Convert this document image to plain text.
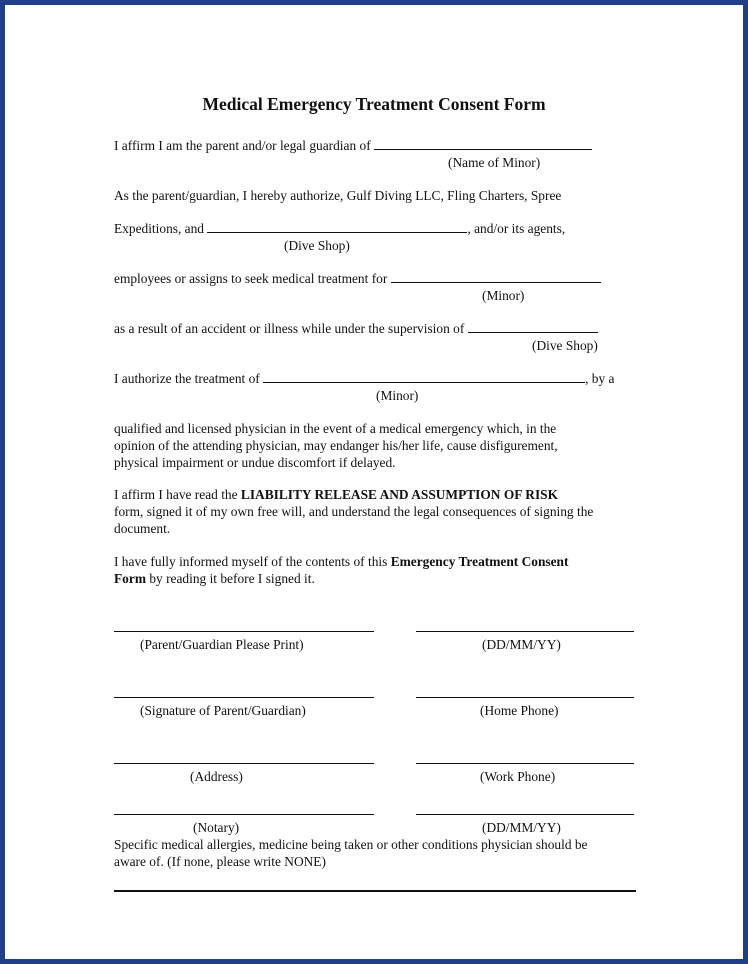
Medical Emergency Treatment Consent Form
I affirm I am the parent and/or legal guardian of
(Name of Minor)
As the parent/guardian, I hereby authorize, Gulf Diving LLC, Fling Charters, Spree
Expeditions, and	, and/or its agents,
(Dive Shop)
employees or assigns to seek medical treatment for
(Minor)
as a result of an accident or illness while under the supervision of
(Dive Shop)
I authorize the treatment of	, by a
(Minor)
qualified and licensed physician in the event of a medical emergency which, in the
opinion of the attending physician, may endanger his/her life, cause disfigurement,
physical impairment or undue discomfort if delayed.
I affirm I have read the LIABILITY RELEASE AND ASSUMPTION OF RISK
form, signed it of my own free will, and understand the legal consequences of signing the
document.
I have fully informed myself of the contents of this Emergency Treatment Consent
Form by reading it before I signed it.
(Parent/Guardian Please Print)	(DD/MM/YY)
(Signature of Parent/Guardian)	(Home Phone)
(Address)	(Work Phone)
(Notary)	(DD/MM/YY)
Specific medical allergies, medicine being taken or other conditions physician should be
aware of. (If none, please write NONE)
